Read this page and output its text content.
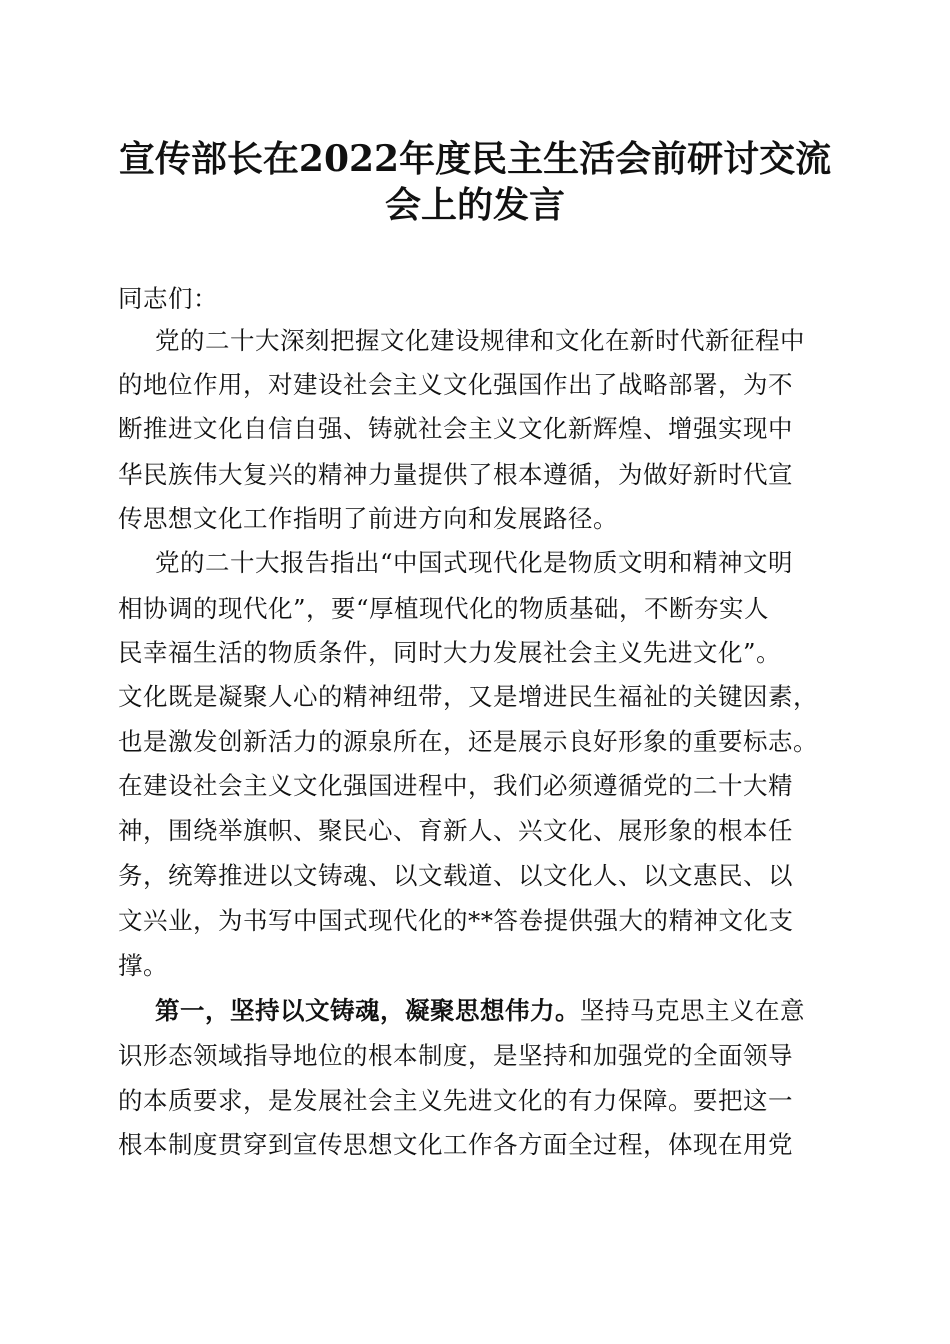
宣传部长在2022年度民主生活会前研讨交流
会上的发言
同志们：
党的二十大深刻把握文化建设规律和文化在新时代新征程中
的地位作用，对建设社会主义文化强国作出了战略部署，为不
断推进文化自信自强、铸就社会主义文化新辉煌、增强实现中
华民族伟大复兴的精神力量提供了根本遵循，为做好新时代宣
传思想文化工作指明了前进方向和发展路径。
党的二十大报告指出“中国式现代化是物质文明和精神文明
相协调的现代化”，要“厚植现代化的物质基础，不断夯实人
民幸福生活的物质条件，同时大力发展社会主义先进文化”。
文化既是凝聚人心的精神纽带，又是增进民生福祉的关键因素，
也是激发创新活力的源泉所在，还是展示良好形象的重要标志。
在建设社会主义文化强国进程中，我们必须遵循党的二十大精
神，围绕举旗帜、聚民心、育新人、兴文化、展形象的根本任
务，统筹推进以文铸魂、以文载道、以文化人、以文惠民、以
文兴业，为书写中国式现代化的**答卷提供强大的精神文化支
撑。
第一，坚持以文铸魂，凝聚思想伟力。坚持马克思主义在意
识形态领域指导地位的根本制度，是坚持和加强党的全面领导
的本质要求，是发展社会主义先进文化的有力保障。要把这一
根本制度贯穿到宣传思想文化工作各方面全过程，体现在用党
